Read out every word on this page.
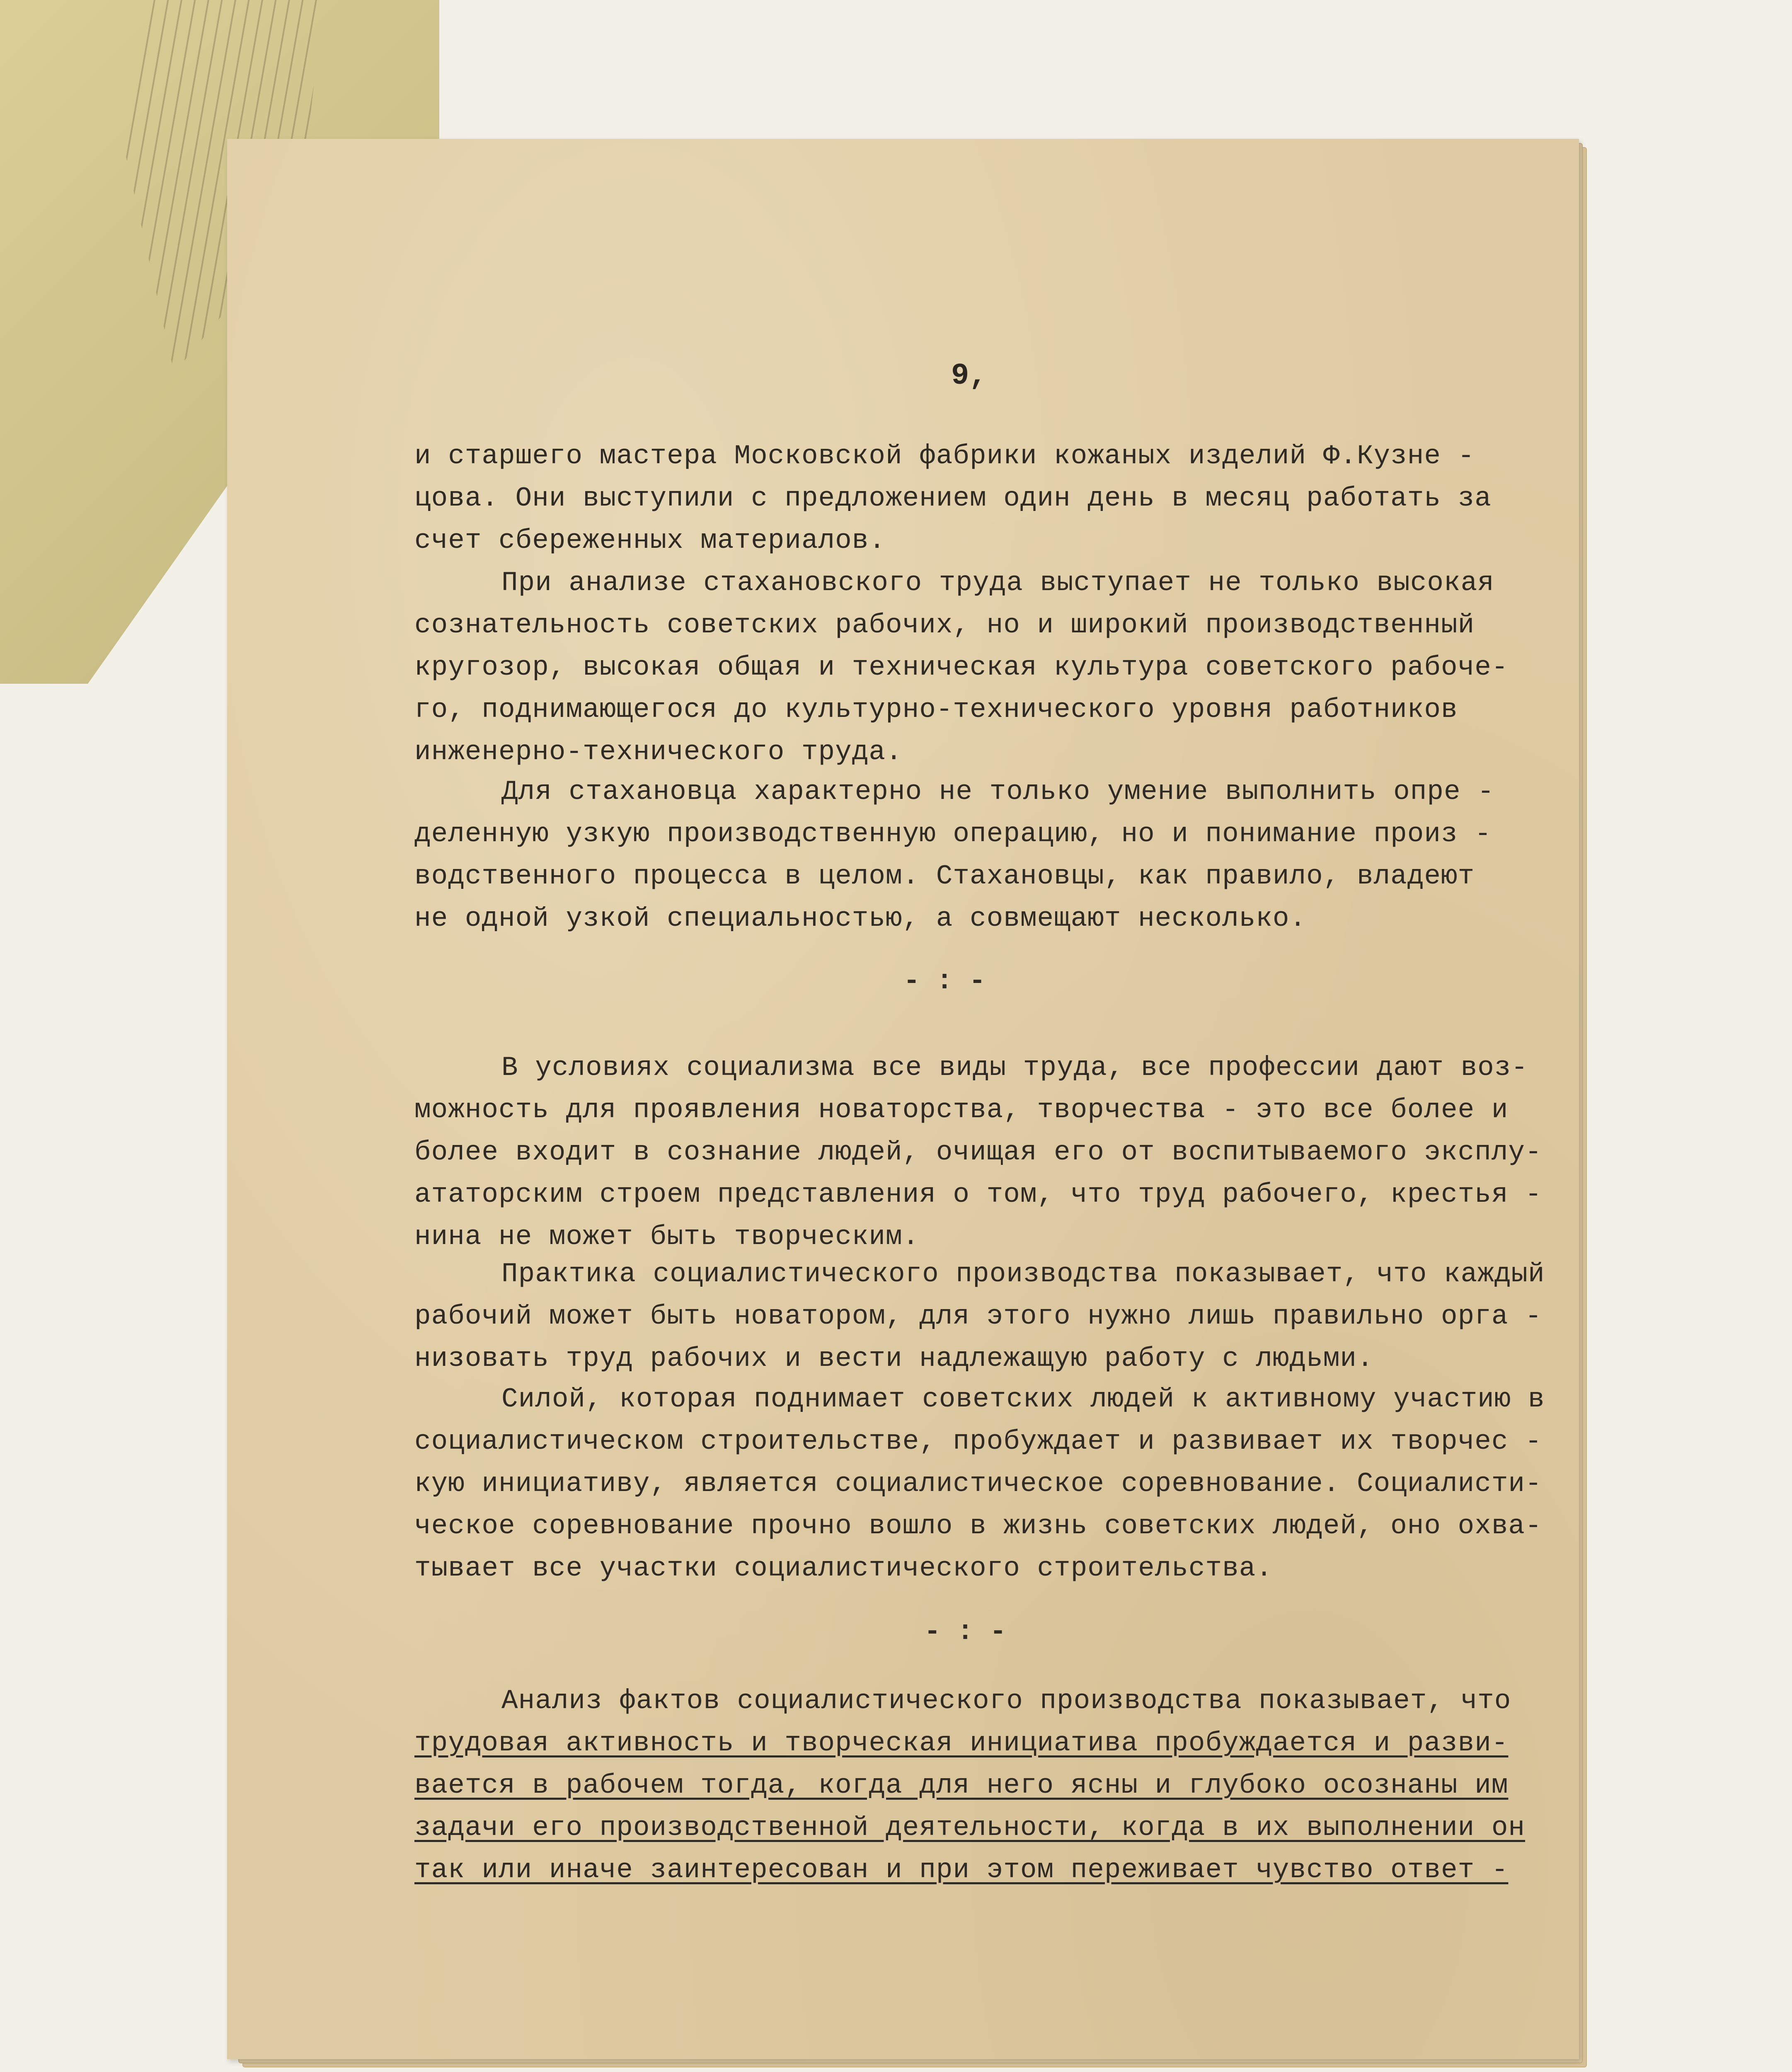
9,
и старшего мастера Московской фабрики кожаных изделий Ф.Кузне -
цова. Они выступили с предложением один день в месяц работать за
счет сбереженных материалов.
При анализе стахановского труда выступает не только высокая
сознательность советских рабочих, но и широкий производственный
кругозор, высокая общая и техническая культура советского рабоче-
го, поднимающегося до культурно-технического уровня работников
инженерно-технического труда.
Для стахановца характерно не только умение выполнить опре -
деленную узкую производственную операцию, но и понимание произ -
водственного процесса в целом. Стахановцы, как правило, владеют
не одной узкой специальностью, а совмещают несколько.
- : -
В условиях социализма все виды труда, все профессии дают воз-
можность для проявления новаторства, творчества - это все более и
более входит в сознание людей, очищая его от воспитываемого эксплу-
ататорским строем представления о том, что труд рабочего, крестья -
нина не может быть творческим.
Практика социалистического производства показывает, что каждый
рабочий может быть новатором, для этого нужно лишь правильно орга -
низовать труд рабочих и вести надлежащую работу с людьми.
Силой, которая поднимает советских людей к активному участию в
социалистическом строительстве, пробуждает и развивает их творчес -
кую инициативу, является социалистическое соревнование. Социалисти-
ческое соревнование прочно вошло в жизнь советских людей, оно охва-
тывает все участки социалистического строительства.
- : -
Анализ фактов социалистического производства показывает, что
трудовая активность и творческая инициатива пробуждается и разви-
вается в рабочем тогда, когда для него ясны и глубоко осознаны им
задачи его производственной деятельности, когда в их выполнении он
так или иначе заинтересован и при этом переживает чувство ответ -
